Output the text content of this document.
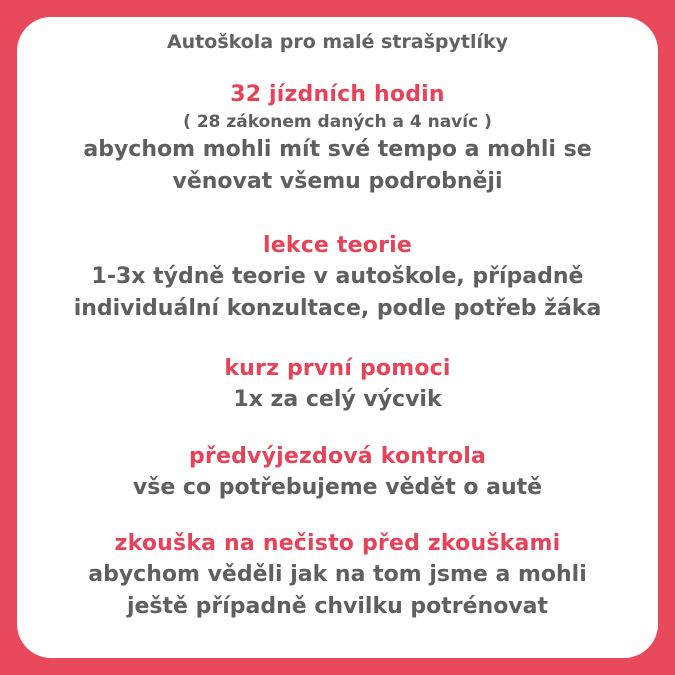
Autoškola pro malé strašpytlíky
32 jízdních hodin
( 28 zákonem daných a 4 navíc )
abychom mohli mít své tempo a mohli se
věnovat všemu podrobněji
lekce teorie
1-3x týdně teorie v autoškole, případně
individuální konzultace, podle potřeb žáka
kurz první pomoci
1x za celý výcvik
předvýjezdová kontrola
vše co potřebujeme vědět o autě
zkouška na nečisto před zkouškami
abychom věděli jak na tom jsme a mohli
ještě případně chvilku potrénovat
